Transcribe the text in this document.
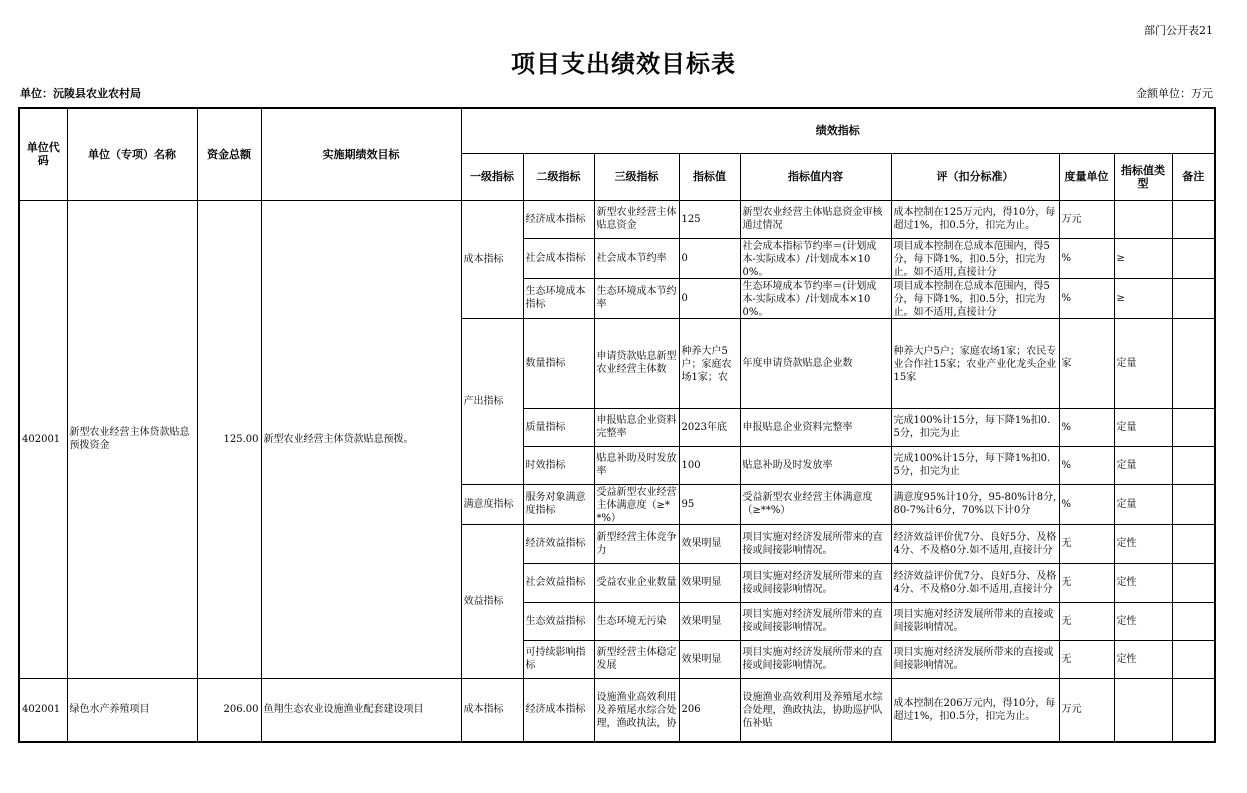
部门公开表21
项目支出绩效目标表
单位：沅陵县农业农村局	金额单位：万元
单位代码	单位（专项）名称	资金总额	实施期绩效目标	绩效指标								
				一级指标	二级指标	三级指标	指标值	指标值内容	评（扣分标准）	度量单位	指标值类型	备注
402001	新型农业经营主体贷款贴息预拨资金	125.00	新型农业经营主体贷款贴息预拨。	成本指标	经济成本指标	新型农业经营主体贴息资金	125	新型农业经营主体贴息资金审核通过情况	成本控制在125万元内，得10分，每超过1%，扣0.5分，扣完为止。	万元		
					社会成本指标	社会成本节约率	0	社会成本指标节约率＝(计划成本-实际成本）/计划成本×100%。	项目成本控制在总成本范围内，得5分，每下降1%，扣0.5分，扣完为止。如不适用,直接计分	%	≥	
					生态环境成本指标	生态环境成本节约率	0	生态环境成本节约率＝(计划成本-实际成本）/计划成本×100%。	项目成本控制在总成本范围内，得5分，每下降1%，扣0.5分，扣完为止。如不适用,直接计分	%	≥	
				产出指标	数量指标	申请贷款贴息新型农业经营主体数	种养大户5户；家庭农场1家；农	年度申请贷款贴息企业数	种养大户5户；家庭农场1家；农民专业合作社15家；农业产业化龙头企业15家	家	定量	
					质量指标	申报贴息企业资料完整率	2023年底	申报贴息企业资料完整率	完成100%计15分，每下降1%扣0.5分，扣完为止	%	定量	
					时效指标	贴息补助及时发放率	100	贴息补助及时发放率	完成100%计15分，每下降1%扣0.5分，扣完为止	%	定量	
				满意度指标	服务对象满意度指标	受益新型农业经营主体满意度（≥**%）	95	受益新型农业经营主体满意度（≥**%）	满意度95%计10分，95-80%计8分,80-7%计6分，70%以下计0分	%	定量	
				效益指标	经济效益指标	新型经营主体竞争力	效果明显	项目实施对经济发展所带来的直接或间接影响情况。	经济效益评价优7分、良好5分、及格4分、不及格0分.如不适用,直接计分	无	定性	
					社会效益指标	受益农业企业数量	效果明显	项目实施对经济发展所带来的直接或间接影响情况。	经济效益评价优7分、良好5分、及格4分、不及格0分.如不适用,直接计分	无	定性	
					生态效益指标	生态环境无污染	效果明显	项目实施对经济发展所带来的直接或间接影响情况。	项目实施对经济发展所带来的直接或间接影响情况。	无	定性	
					可持续影响指标	新型经营主体稳定发展	效果明显	项目实施对经济发展所带来的直接或间接影响情况。	项目实施对经济发展所带来的直接或间接影响情况。	无	定性	
402001	绿色水产养殖项目	206.00	鱼翔生态农业设施渔业配套建设项目	成本指标	经济成本指标	设施渔业高效利用及养殖尾水综合处理，渔政执法，协	206	设施渔业高效利用及养殖尾水综合处理，渔政执法，协助巡护队伍补贴	成本控制在206万元内，得10分，每超过1%，扣0.5分，扣完为止。	万元		
